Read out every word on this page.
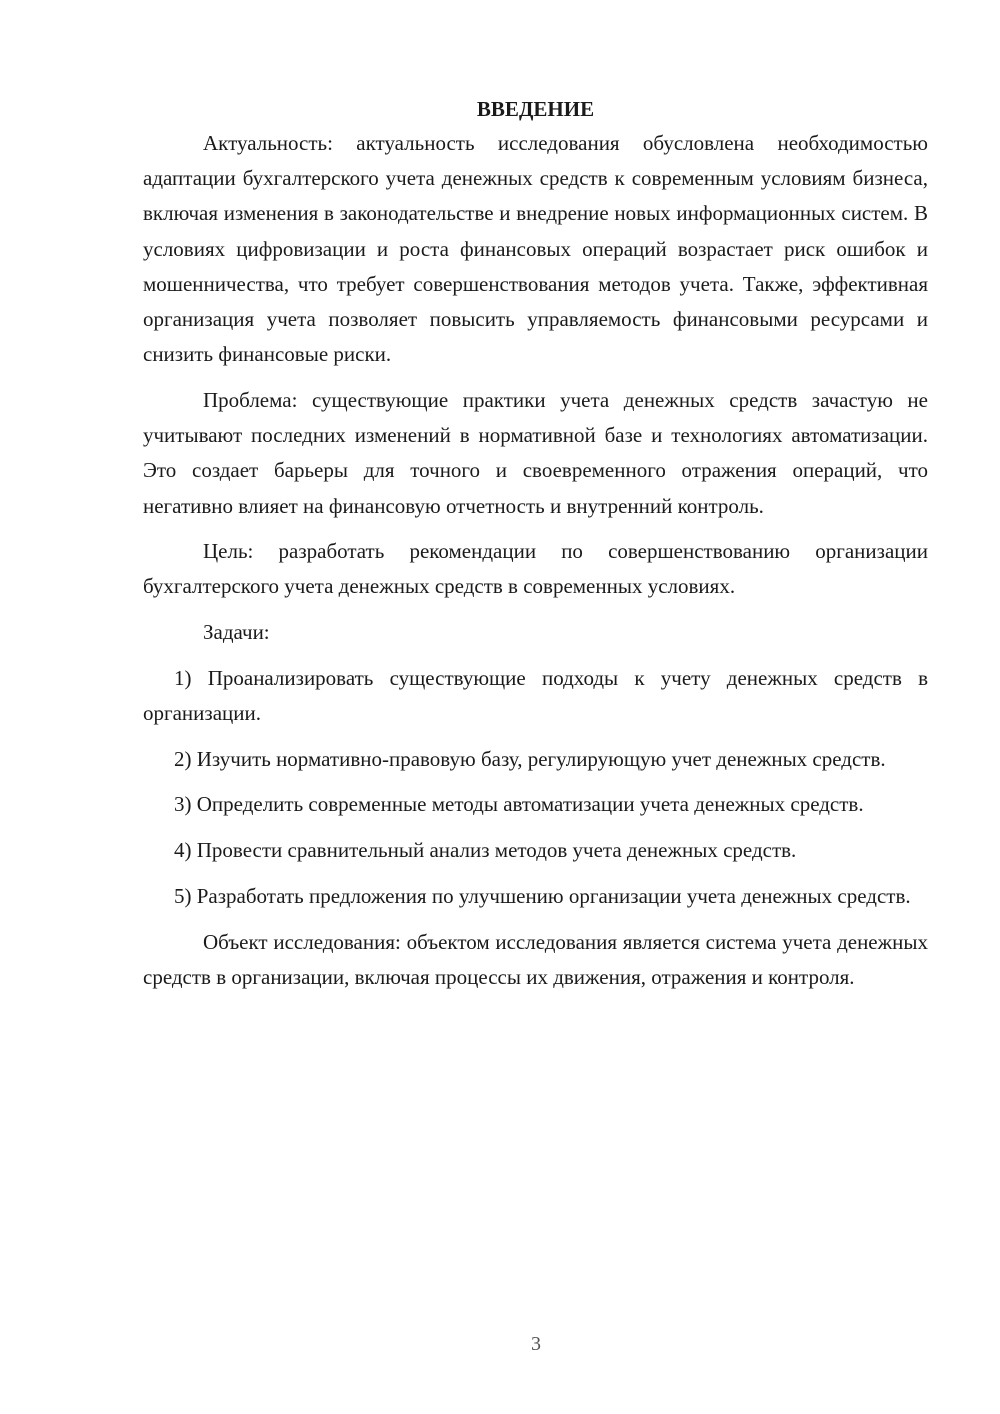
ВВЕДЕНИЕ

Актуальность: актуальность исследования обусловлена необходимостью адаптации бухгалтерского учета денежных средств к современным условиям бизнеса, включая изменения в законодательстве и внедрение новых информационных систем. В условиях цифровизации и роста финансовых операций возрастает риск ошибок и мошенничества, что требует совершенствования методов учета. Также, эффективная организация учета позволяет повысить управляемость финансовыми ресурсами и снизить финансовые риски.

Проблема: существующие практики учета денежных средств зачастую не учитывают последних изменений в нормативной базе и технологиях автоматизации. Это создает барьеры для точного и своевременного отражения операций, что негативно влияет на финансовую отчетность и внутренний контроль.

Цель: разработать рекомендации по совершенствованию организации бухгалтерского учета денежных средств в современных условиях.

Задачи:

1) Проанализировать существующие подходы к учету денежных средств в организации.

2) Изучить нормативно-правовую базу, регулирующую учет денежных средств.

3) Определить современные методы автоматизации учета денежных средств.

4) Провести сравнительный анализ методов учета денежных средств.

5) Разработать предложения по улучшению организации учета денежных средств.

Объект исследования: объектом исследования является система учета денежных средств в организации, включая процессы их движения, отражения и контроля.

3
